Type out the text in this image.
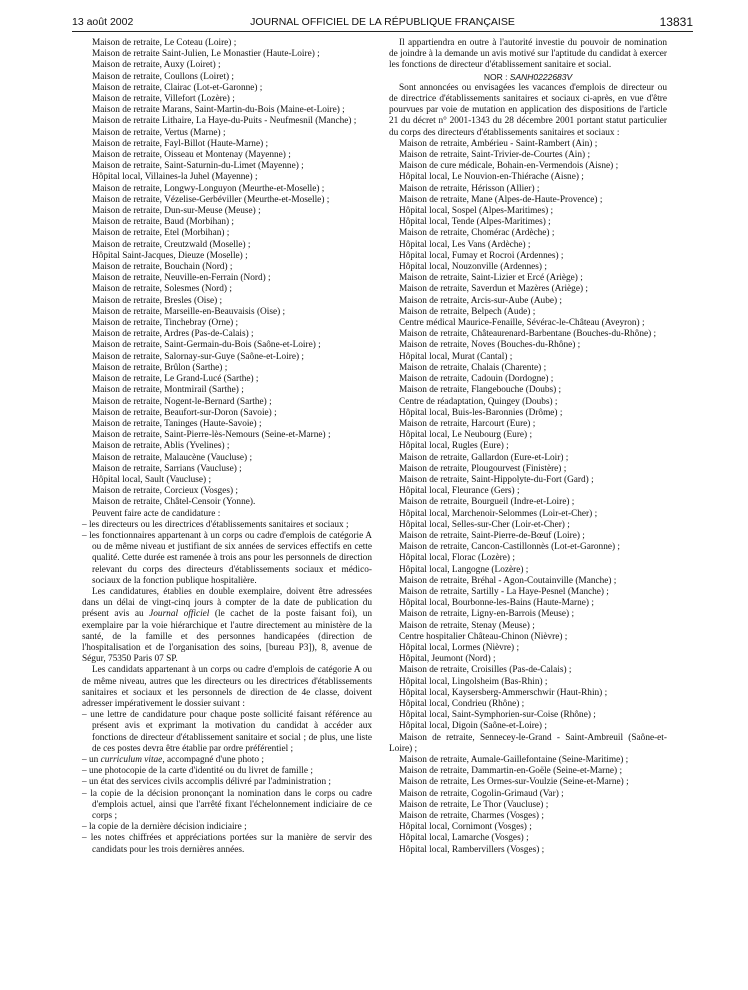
13 août 2002	JOURNAL OFFICIEL DE LA RÉPUBLIQUE FRANÇAISE	13831

Maison de retraite, Le Coteau (Loire) ;

Maison de retraite Saint-Julien, Le Monastier (Haute-Loire) ;

Maison de retraite, Auxy (Loiret) ;

Maison de retraite, Coullons (Loiret) ;

Maison de retraite, Clairac (Lot-et-Garonne) ;

Maison de retraite, Villefort (Lozère) ;

Maison de retraite Marans, Saint-Martin-du-Bois (Maine-et-Loire) ;

Maison de retraite Lithaire, La Haye-du-Puits - Neufmesnil (Manche) ;

Maison de retraite, Vertus (Marne) ;

Maison de retraite, Fayl-Billot (Haute-Marne) ;

Maison de retraite, Oisseau et Montenay (Mayenne) ;

Maison de retraite, Saint-Saturnin-du-Limet (Mayenne) ;

Hôpital local, Villaines-la Juhel (Mayenne) ;

Maison de retraite, Longwy-Longuyon (Meurthe-et-Moselle) ;

Maison de retraite, Vézelise-Gerbéviller (Meurthe-et-Moselle) ;

Maison de retraite, Dun-sur-Meuse (Meuse) ;

Maison de retraite, Baud (Morbihan) ;

Maison de retraite, Etel (Morbihan) ;

Maison de retraite, Creutzwald (Moselle) ;

Hôpital Saint-Jacques, Dieuze (Moselle) ;

Maison de retraite, Bouchain (Nord) ;

Maison de retraite, Neuville-en-Ferrain (Nord) ;

Maison de retraite, Solesmes (Nord) ;

Maison de retraite, Bresles (Oise) ;

Maison de retraite, Marseille-en-Beauvaisis (Oise) ;

Maison de retraite, Tinchebray (Orne) ;

Maison de retraite, Ardres (Pas-de-Calais) ;

Maison de retraite, Saint-Germain-du-Bois (Saône-et-Loire) ;

Maison de retraite, Salornay-sur-Guye (Saône-et-Loire) ;

Maison de retraite, Brûlon (Sarthe) ;

Maison de retraite, Le Grand-Lucé (Sarthe) ;

Maison de retraite, Montmirail (Sarthe) ;

Maison de retraite, Nogent-le-Bernard (Sarthe) ;

Maison de retraite, Beaufort-sur-Doron (Savoie) ;

Maison de retraite, Taninges (Haute-Savoie) ;

Maison de retraite, Saint-Pierre-lès-Nemours (Seine-et-Marne) ;

Maison de retraite, Ablis (Yvelines) ;

Maison de retraite, Malaucène (Vaucluse) ;

Maison de retraite, Sarrians (Vaucluse) ;

Hôpital local, Sault (Vaucluse) ;

Maison de retraite, Corcieux (Vosges) ;

Maison de retraite, Châtel-Censoir (Yonne).

Peuvent faire acte de candidature :

– les directeurs ou les directrices d'établissements sanitaires et sociaux ;

– les fonctionnaires appartenant à un corps ou cadre d'emplois de catégorie A ou de même niveau et justifiant de six années de services effectifs en cette qualité. Cette durée est ramenée à trois ans pour les personnels de direction relevant du corps des directeurs d'établissements sociaux et médico-sociaux de la fonction publique hospitalière.

Les candidatures, établies en double exemplaire, doivent être adressées dans un délai de vingt-cinq jours à compter de la date de publication du présent avis au Journal officiel (le cachet de la poste faisant foi), un exemplaire par la voie hiérarchique et l'autre directement au ministère de la santé, de la famille et des personnes handicapées (direction de l'hospitalisation et de l'organisation des soins, [bureau P3]), 8, avenue de Ségur, 75350 Paris 07 SP.

Les candidats appartenant à un corps ou cadre d'emplois de catégorie A ou de même niveau, autres que les directeurs ou les directrices d'établissements sanitaires et sociaux et les personnels de direction de 4e classe, doivent adresser impérativement le dossier suivant :

– une lettre de candidature pour chaque poste sollicité faisant référence au présent avis et exprimant la motivation du candidat à accéder aux fonctions de directeur d'établissement sanitaire et social ; de plus, une liste de ces postes devra être établie par ordre préférentiel ;

– un curriculum vitae, accompagné d'une photo ;

– une photocopie de la carte d'identité ou du livret de famille ;

– un état des services civils accomplis délivré par l'administration ;

– la copie de la décision prononçant la nomination dans le corps ou cadre d'emplois actuel, ainsi que l'arrêté fixant l'échelonnement indiciaire de ce corps ;

– la copie de la dernière décision indiciaire ;

– les notes chiffrées et appréciations portées sur la manière de servir des candidats pour les trois dernières années.

Il appartiendra en outre à l'autorité investie du pouvoir de nomination de joindre à la demande un avis motivé sur l'aptitude du candidat à exercer les fonctions de directeur d'établissement sanitaire et social.

NOR : SANH0222683V

Sont annoncées ou envisagées les vacances d'emplois de directeur ou de directrice d'établissements sanitaires et sociaux ci-après, en vue d'être pourvues par voie de mutation en application des dispositions de l'article 21 du décret n° 2001-1343 du 28 décembre 2001 portant statut particulier du corps des directeurs d'établissements sanitaires et sociaux :

Maison de retraite, Ambérieu - Saint-Rambert (Ain) ;

Maison de retraite, Saint-Trivier-de-Courtes (Ain) ;

Maison de cure médicale, Bohain-en-Vermendois (Aisne) ;

Hôpital local, Le Nouvion-en-Thiérache (Aisne) ;

Maison de retraite, Hérisson (Allier) ;

Maison de retraite, Mane (Alpes-de-Haute-Provence) ;

Hôpital local, Sospel (Alpes-Maritimes) ;

Hôpital local, Tende (Alpes-Maritimes) ;

Maison de retraite, Chomérac (Ardèche) ;

Hôpital local, Les Vans (Ardèche) ;

Hôpital local, Fumay et Rocroi (Ardennes) ;

Hôpital local, Nouzonville (Ardennes) ;

Maison de retraite, Saint-Lizier et Ercé (Ariège) ;

Maison de retraite, Saverdun et Mazères (Ariège) ;

Maison de retraite, Arcis-sur-Aube (Aube) ;

Maison de retraite, Belpech (Aude) ;

Centre médical Maurice-Fenaille, Sévérac-le-Château (Aveyron) ;

Maison de retraite, Châteaurenard-Barbentane (Bouches-du-Rhône) ;

Maison de retraite, Noves (Bouches-du-Rhône) ;

Hôpital local, Murat (Cantal) ;

Maison de retraite, Chalais (Charente) ;

Maison de retraite, Cadouin (Dordogne) ;

Maison de retraite, Flangebouche (Doubs) ;

Centre de réadaptation, Quingey (Doubs) ;

Hôpital local, Buis-les-Baronnies (Drôme) ;

Maison de retraite, Harcourt (Eure) ;

Hôpital local, Le Neubourg (Eure) ;

Hôpital local, Rugles (Eure) ;

Maison de retraite, Gallardon (Eure-et-Loir) ;

Maison de retraite, Plougourvest (Finistère) ;

Maison de retraite, Saint-Hippolyte-du-Fort (Gard) ;

Hôpital local, Fleurance (Gers) ;

Maison de retraite, Bourgueil (Indre-et-Loire) ;

Hôpital local, Marchenoir-Selommes (Loir-et-Cher) ;

Hôpital local, Selles-sur-Cher (Loir-et-Cher) ;

Maison de retraite, Saint-Pierre-de-Bœuf (Loire) ;

Maison de retraite, Cancon-Castillonnès (Lot-et-Garonne) ;

Hôpital local, Florac (Lozère) ;

Hôpital local, Langogne (Lozère) ;

Maison de retraite, Bréhal - Agon-Coutainville (Manche) ;

Maison de retraite, Sartilly - La Haye-Pesnel (Manche) ;

Hôpital local, Bourbonne-les-Bains (Haute-Marne) ;

Maison de retraite, Ligny-en-Barrois (Meuse) ;

Maison de retraite, Stenay (Meuse) ;

Centre hospitalier Château-Chinon (Nièvre) ;

Hôpital local, Lormes (Nièvre) ;

Hôpital, Jeumont (Nord) ;

Maison de retraite, Croisilles (Pas-de-Calais) ;

Hôpital local, Lingolsheim (Bas-Rhin) ;

Hôpital local, Kaysersberg-Ammerschwir (Haut-Rhin) ;

Hôpital local, Condrieu (Rhône) ;

Hôpital local, Saint-Symphorien-sur-Coise (Rhône) ;

Hôpital local, Digoin (Saône-et-Loire) ;

Maison de retraite, Sennecey-le-Grand - Saint-Ambreuil (Saône-et-Loire) ;

Maison de retraite, Aumale-Gaillefontaine (Seine-Maritime) ;

Maison de retraite, Dammartin-en-Goële (Seine-et-Marne) ;

Maison de retraite, Les Ormes-sur-Voulzie (Seine-et-Marne) ;

Maison de retraite, Cogolin-Grimaud (Var) ;

Maison de retraite, Le Thor (Vaucluse) ;

Maison de retraite, Charmes (Vosges) ;

Hôpital local, Cornimont (Vosges) ;

Hôpital local, Lamarche (Vosges) ;

Hôpital local, Rambervillers (Vosges) ;
